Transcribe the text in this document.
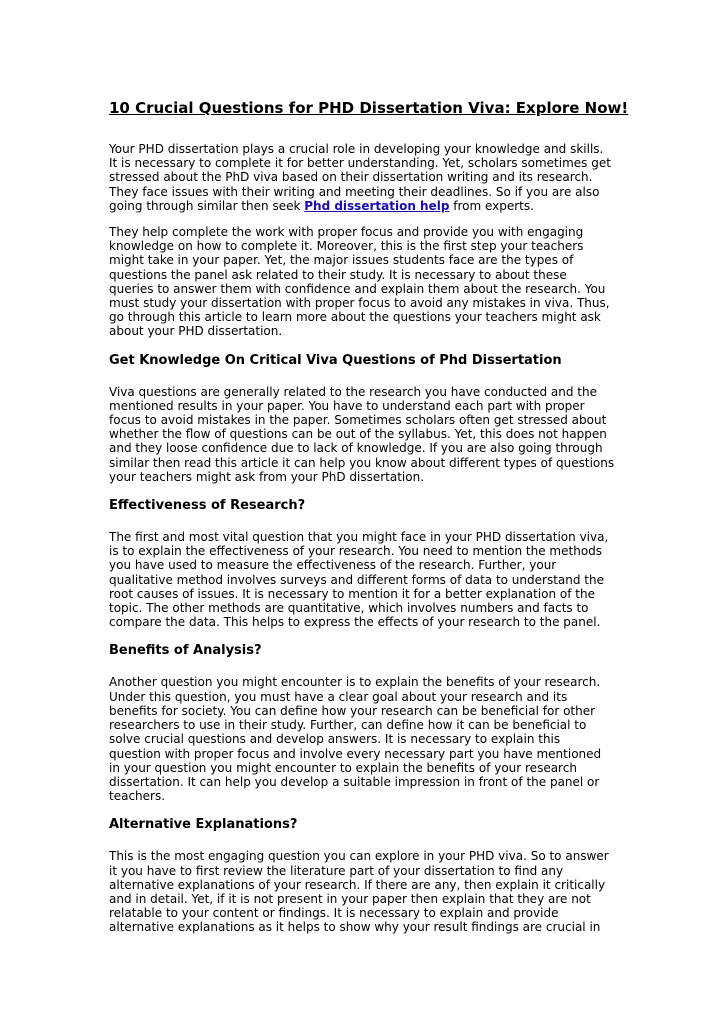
10 Crucial Questions for PHD Dissertation Viva: Explore Now!

Your PHD dissertation plays a crucial role in developing your knowledge and skills. It is necessary to complete it for better understanding. Yet, scholars sometimes get stressed about the PhD viva based on their dissertation writing and its research. They face issues with their writing and meeting their deadlines. So if you are also going through similar then seek Phd dissertation help from experts.

They help complete the work with proper focus and provide you with engaging knowledge on how to complete it. Moreover, this is the first step your teachers might take in your paper. Yet, the major issues students face are the types of questions the panel ask related to their study. It is necessary to about these queries to answer them with confidence and explain them about the research. You must study your dissertation with proper focus to avoid any mistakes in viva. Thus, go through this article to learn more about the questions your teachers might ask about your PHD dissertation.

Get Knowledge On Critical Viva Questions of Phd Dissertation

Viva questions are generally related to the research you have conducted and the mentioned results in your paper. You have to understand each part with proper focus to avoid mistakes in the paper. Sometimes scholars often get stressed about whether the flow of questions can be out of the syllabus. Yet, this does not happen and they loose confidence due to lack of knowledge. If you are also going through similar then read this article it can help you know about different types of questions your teachers might ask from your PhD dissertation.

Effectiveness of Research?

The first and most vital question that you might face in your PHD dissertation viva, is to explain the effectiveness of your research. You need to mention the methods you have used to measure the effectiveness of the research. Further, your qualitative method involves surveys and different forms of data to understand the root causes of issues. It is necessary to mention it for a better explanation of the topic. The other methods are quantitative, which involves numbers and facts to compare the data. This helps to express the effects of your research to the panel.

Benefits of Analysis?

Another question you might encounter is to explain the benefits of your research. Under this question, you must have a clear goal about your research and its benefits for society. You can define how your research can be beneficial for other researchers to use in their study. Further, can define how it can be beneficial to solve crucial questions and develop answers. It is necessary to explain this question with proper focus and involve every necessary part you have mentioned in your question you might encounter to explain the benefits of your research dissertation. It can help you develop a suitable impression in front of the panel or teachers.

Alternative Explanations?

This is the most engaging question you can explore in your PHD viva. So to answer it you have to first review the literature part of your dissertation to find any alternative explanations of your research. If there are any, then explain it critically and in detail. Yet, if it is not present in your paper then explain that they are not relatable to your content or findings. It is necessary to explain and provide alternative explanations as it helps to show why your result findings are crucial in
